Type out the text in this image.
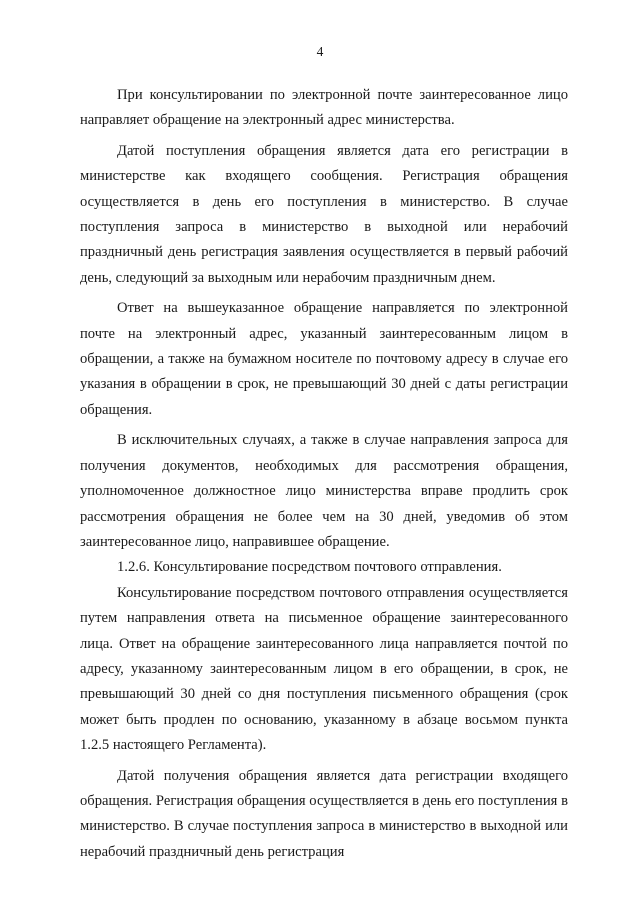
4

При консультировании по электронной почте заинтересованное лицо направляет обращение на электронный адрес министерства.

Датой поступления обращения является дата его регистрации в министерстве как входящего сообщения. Регистрация обращения осуществляется в день его поступления в министерство. В случае поступления запроса в министерство в выходной или нерабочий праздничный день регистрация заявления осуществляется в первый рабочий день, следующий за выходным или нерабочим праздничным днем.

Ответ на вышеуказанное обращение направляется по электронной почте на электронный адрес, указанный заинтересованным лицом в обращении, а также на бумажном носителе по почтовому адресу в случае его указания в обращении в срок, не превышающий 30 дней с даты регистрации обращения.

В исключительных случаях, а также в случае направления запроса для получения документов, необходимых для рассмотрения обращения, уполномоченное должностное лицо министерства вправе продлить срок рассмотрения обращения не более чем на 30 дней, уведомив об этом заинтересованное лицо, направившее обращение.

1.2.6. Консультирование посредством почтового отправления.

Консультирование посредством почтового отправления осуществляется путем направления ответа на письменное обращение заинтересованного лица. Ответ на обращение заинтересованного лица направляется почтой по адресу, указанному заинтересованным лицом в его обращении, в срок, не превышающий 30 дней со дня поступления письменного обращения (срок может быть продлен по основанию, указанному в абзаце восьмом пункта 1.2.5 настоящего Регламента).

Датой получения обращения является дата регистрации входящего обращения. Регистрация обращения осуществляется в день его поступления в министерство. В случае поступления запроса в министерство в выходной или нерабочий праздничный день регистрация
